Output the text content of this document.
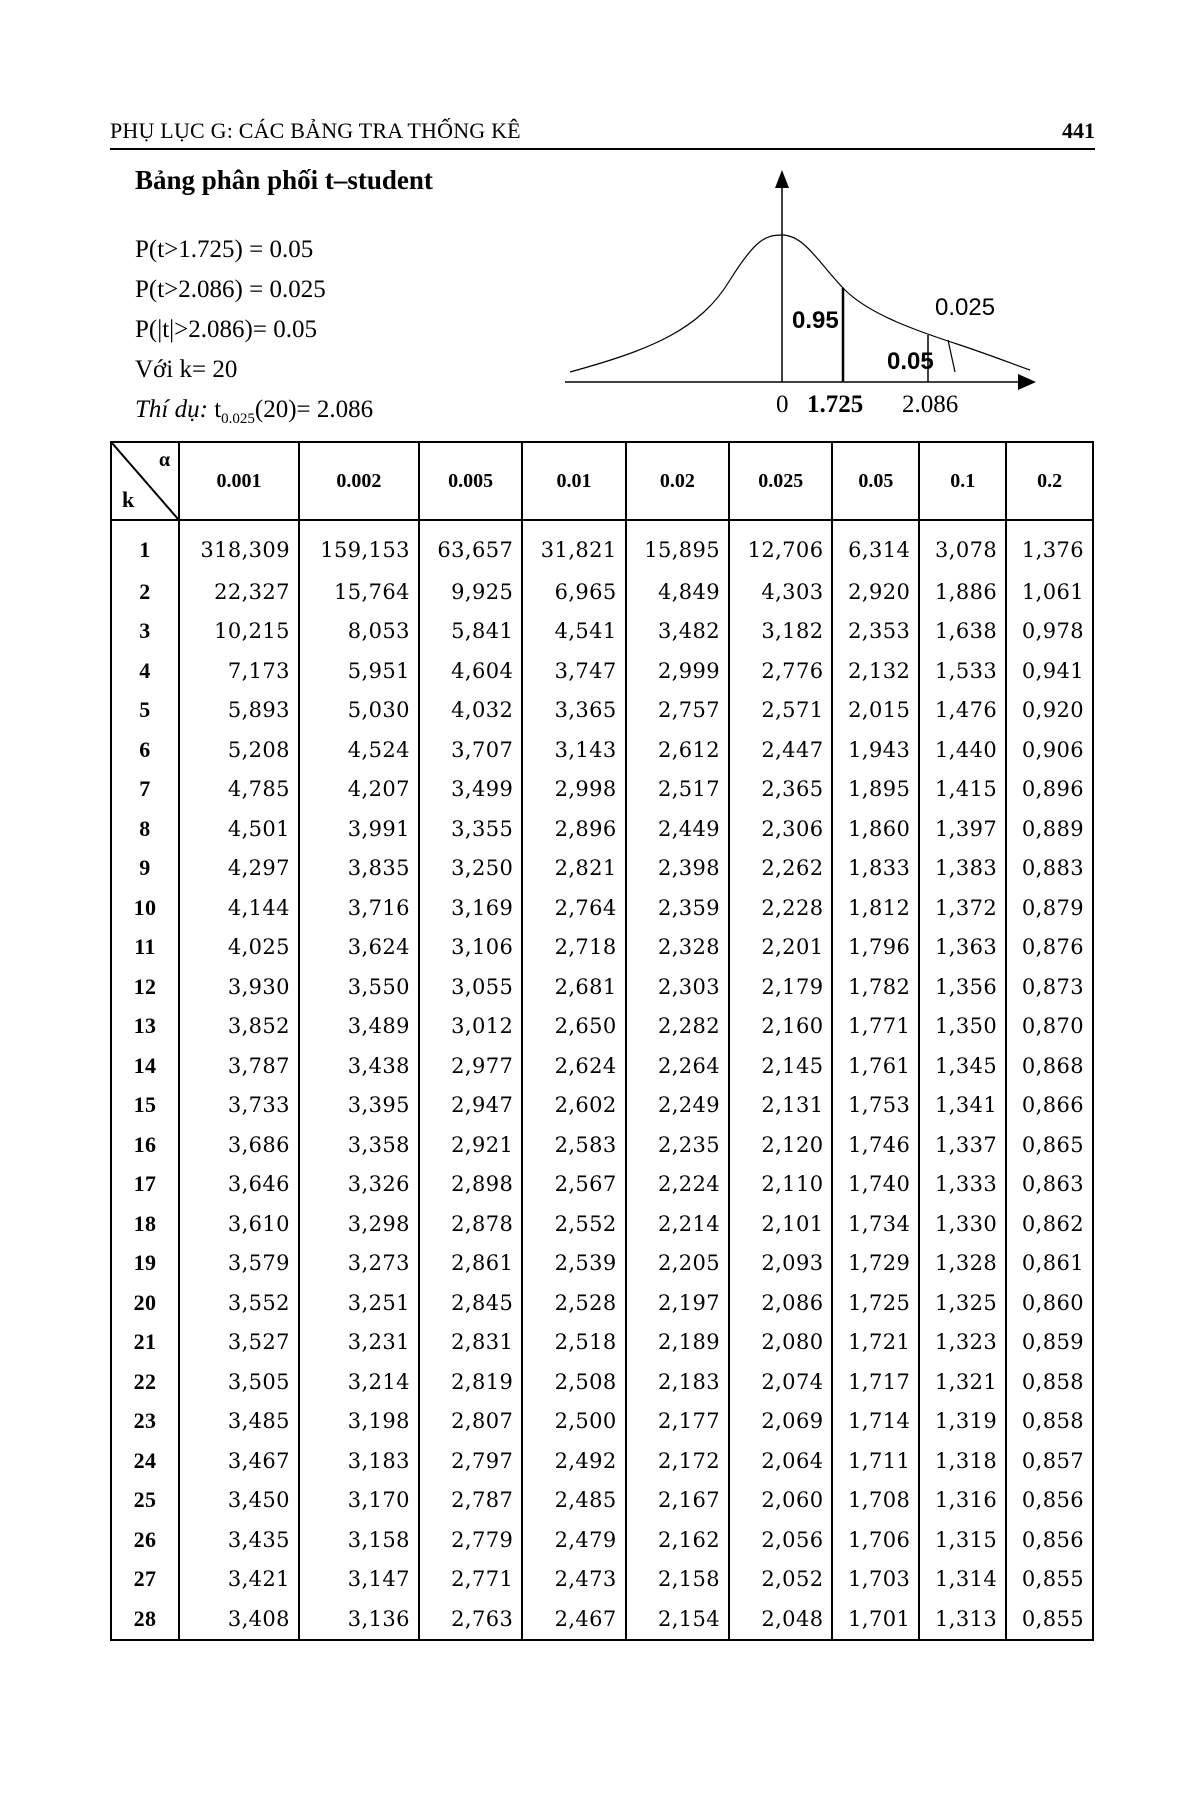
PHỤ LỤC G: CÁC BẢNG TRA THỐNG KÊ	441
Bảng phân phối t–student
P(t>1.725) = 0.05
P(t>2.086) = 0.025
P(|t|>2.086)= 0.05
Với k= 20
Thí dụ: $t_{0.025}(20)= 2.086$
0.95	0.025
0.05
0 1.725 2.086
α
k	0.001	0.002	0.005	0.01	0.02	0.025	0.05	0.1	0.2
1	318,309	159,153	63,657	31,821	15,895	12,706	6,314	3,078	1,376
2	22,327	15,764	9,925	6,965	4,849	4,303	2,920	1,886	1,061
3	10,215	8,053	5,841	4,541	3,482	3,182	2,353	1,638	0,978
4	7,173	5,951	4,604	3,747	2,999	2,776	2,132	1,533	0,941
5	5,893	5,030	4,032	3,365	2,757	2,571	2,015	1,476	0,920
6	5,208	4,524	3,707	3,143	2,612	2,447	1,943	1,440	0,906
7	4,785	4,207	3,499	2,998	2,517	2,365	1,895	1,415	0,896
8	4,501	3,991	3,355	2,896	2,449	2,306	1,860	1,397	0,889
9	4,297	3,835	3,250	2,821	2,398	2,262	1,833	1,383	0,883
10	4,144	3,716	3,169	2,764	2,359	2,228	1,812	1,372	0,879
11	4,025	3,624	3,106	2,718	2,328	2,201	1,796	1,363	0,876
12	3,930	3,550	3,055	2,681	2,303	2,179	1,782	1,356	0,873
13	3,852	3,489	3,012	2,650	2,282	2,160	1,771	1,350	0,870
14	3,787	3,438	2,977	2,624	2,264	2,145	1,761	1,345	0,868
15	3,733	3,395	2,947	2,602	2,249	2,131	1,753	1,341	0,866
16	3,686	3,358	2,921	2,583	2,235	2,120	1,746	1,337	0,865
17	3,646	3,326	2,898	2,567	2,224	2,110	1,740	1,333	0,863
18	3,610	3,298	2,878	2,552	2,214	2,101	1,734	1,330	0,862
19	3,579	3,273	2,861	2,539	2,205	2,093	1,729	1,328	0,861
20	3,552	3,251	2,845	2,528	2,197	2,086	1,725	1,325	0,860
21	3,527	3,231	2,831	2,518	2,189	2,080	1,721	1,323	0,859
22	3,505	3,214	2,819	2,508	2,183	2,074	1,717	1,321	0,858
23	3,485	3,198	2,807	2,500	2,177	2,069	1,714	1,319	0,858
24	3,467	3,183	2,797	2,492	2,172	2,064	1,711	1,318	0,857
25	3,450	3,170	2,787	2,485	2,167	2,060	1,708	1,316	0,856
26	3,435	3,158	2,779	2,479	2,162	2,056	1,706	1,315	0,856
27	3,421	3,147	2,771	2,473	2,158	2,052	1,703	1,314	0,855
28	3,408	3,136	2,763	2,467	2,154	2,048	1,701	1,313	0,855
